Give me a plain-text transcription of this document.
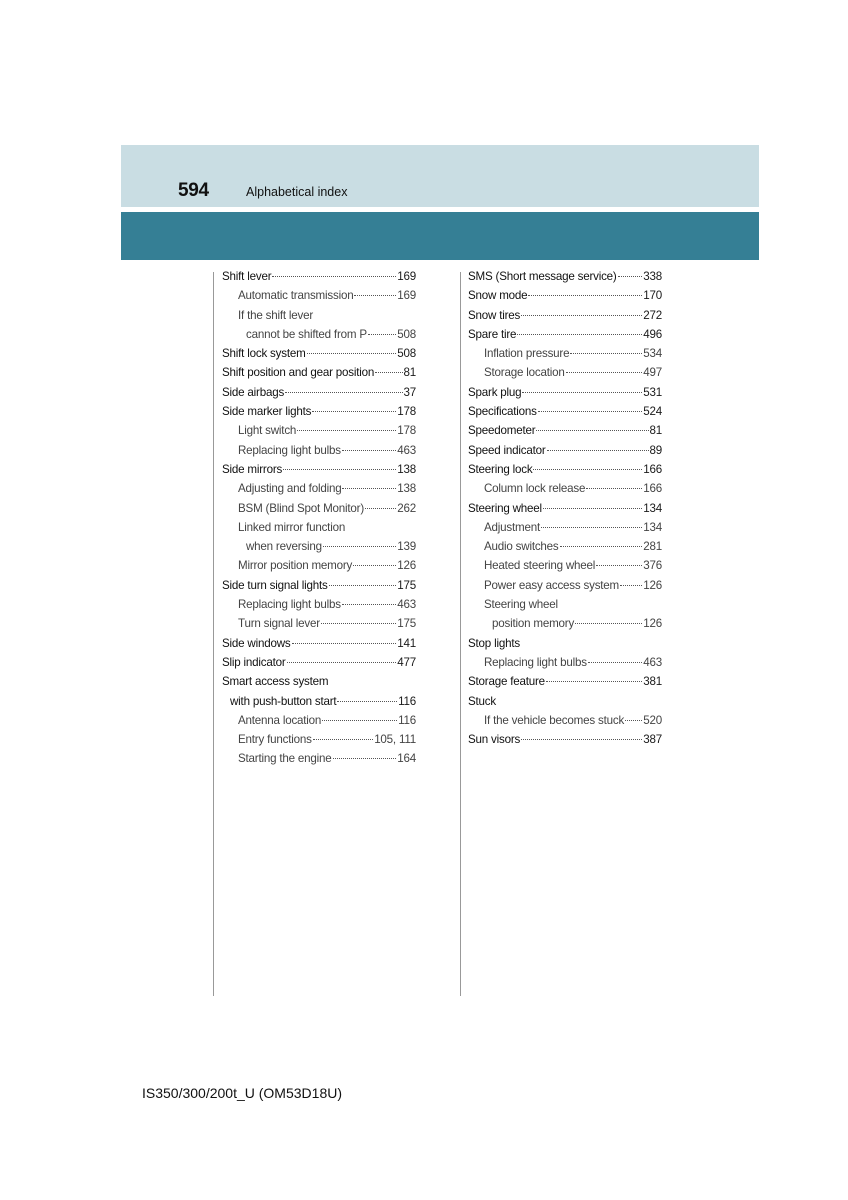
594	Alphabetical index
Shift lever	169
Automatic transmission	169
If the shift lever
cannot be shifted from P	508
Shift lock system	508
Shift position and gear position	81
Side airbags	37
Side marker lights	178
Light switch	178
Replacing light bulbs	463
Side mirrors	138
Adjusting and folding	138
BSM (Blind Spot Monitor)	262
Linked mirror function
when reversing	139
Mirror position memory	126
Side turn signal lights	175
Replacing light bulbs	463
Turn signal lever	175
Side windows	141
Slip indicator	477
Smart access system
with push-button start	116
Antenna location	116
Entry functions	105, 111
Starting the engine	164
SMS (Short message service) 338
Snow mode	170
Snow tires	272
Spare tire	496
Inflation pressure	534
Storage location	497
Spark plug	531
Specifications	524
Speedometer	81
Speed indicator	89
Steering lock	166
Column lock release	166
Steering wheel	134
Adjustment	134
Audio switches	281
Heated steering wheel	376
Power easy access system 126
Steering wheel
position memory	126
Stop lights
Replacing light bulbs	463
Storage feature	381
Stuck
If the vehicle becomes stuck 520
Sun visors	387
IS350/300/200t_U (OM53D18U)
